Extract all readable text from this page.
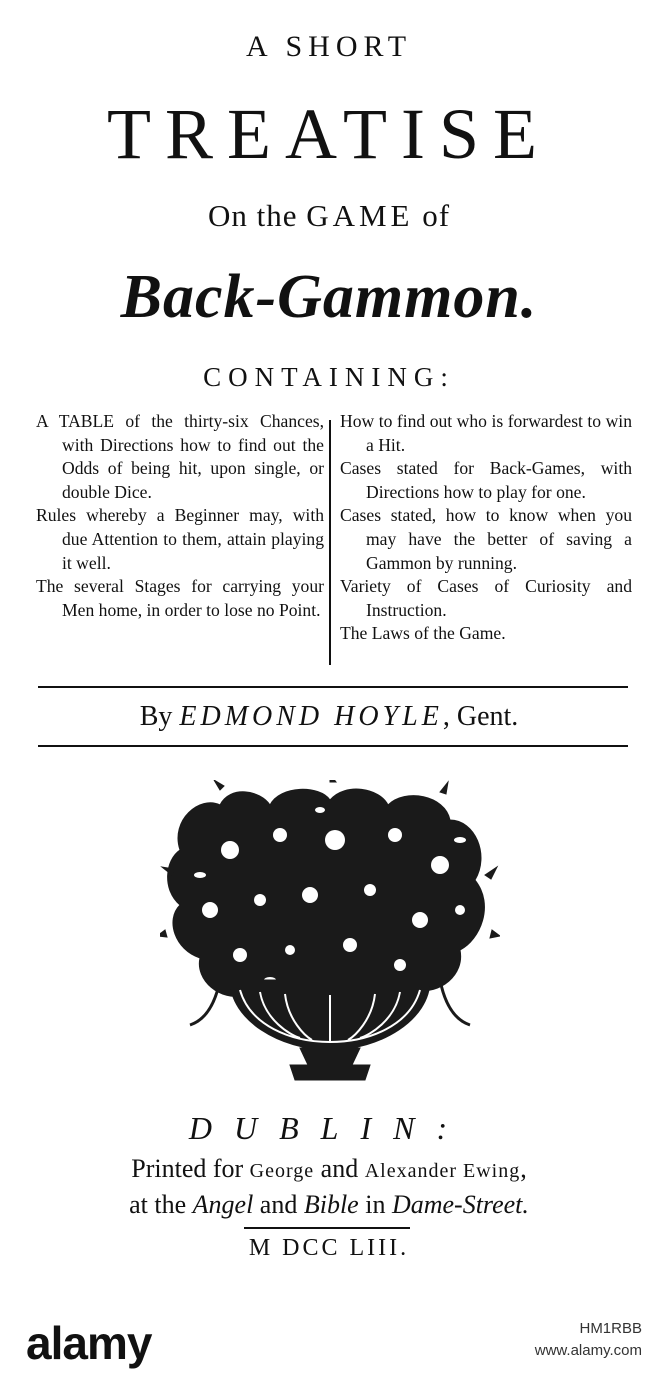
A SHORT
TREATISE
On the GAME of
Back-Gammon.
CONTAINING:
A TABLE of the thirty-six Chances, with Directions how to find out the Odds of being hit, upon single, or double Dice.
Rules whereby a Beginner may, with due Attention to them, attain playing it well.
The several Stages for carrying your Men home, in order to lose no Point.
How to find out who is forwardest to win a Hit.
Cases stated for Back-Games, with Directions how to play for one.
Cases stated, how to know when you may have the better of saving a Gammon by running.
Variety of Cases of Curiosity and Instruction.
The Laws of the Game.
By EDMOND HOYLE, Gent.
DUBLIN:
Printed for George and Alexander Ewing,
at the Angel and Bible in Dame-Street.
M DCC LIII.
alamy	HM1RBB
www.alamy.com
